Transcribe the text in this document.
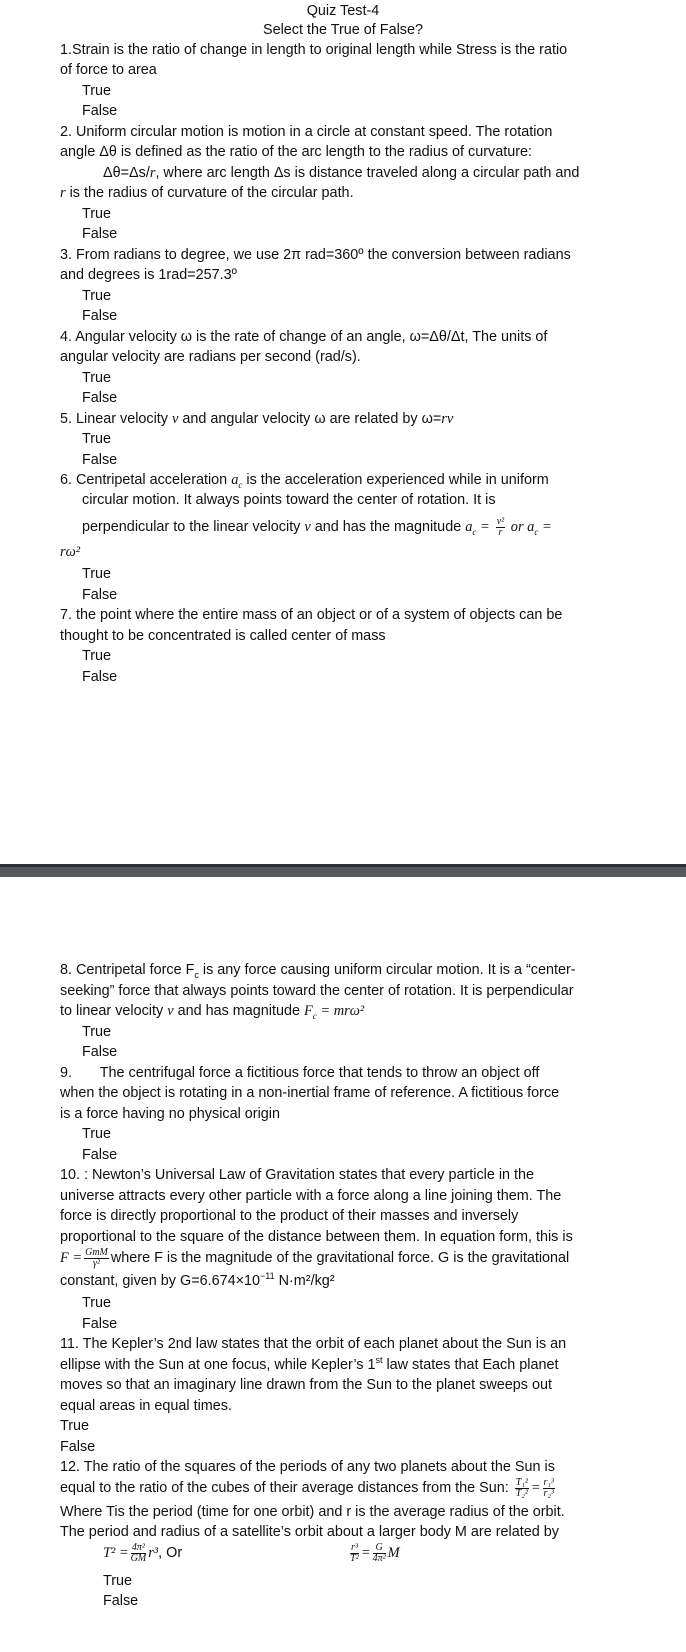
Quiz Test-4
Select the True of False?
1.Strain is the ratio of change in length to original length while Stress is the ratio
of force to area
True
False
2. Uniform circular motion is motion in a circle at constant speed. The rotation
angle Δθ is defined as the ratio of the arc length to the radius of curvature:
Δθ=Δs/r, where arc length Δs is distance traveled along a circular path and
r is the radius of curvature of the circular path.
True
False
3. From radians to degree, we use 2π rad=360º the conversion between radians
and degrees is 1rad=257.3º
True
False
4. Angular velocity ω is the rate of change of an angle, ω=Δθ/Δt, The units of
angular velocity are radians per second (rad/s).
True
False
5. Linear velocity v and angular velocity ω are related by ω=rv
True
False
6. Centripetal acceleration $a_c$ is the acceleration experienced while in uniform
circular motion. It always points toward the center of rotation. It is
perpendicular to the linear velocity v and has the magnitude $a_c = \frac{\text{v²}}{r}$ or $a_c$ =
rω²
True
False
7. the point where the entire mass of an object or of a system of objects can be
thought to be concentrated is called center of mass
True
False
8. Centripetal force $F_c$ is any force causing uniform circular motion. It is a “center-
seeking” force that always points toward the center of rotation. It is perpendicular
to linear velocity v and has magnitude $F_c = mr\omega^2$
True
False
9.       The centrifugal force a fictitious force that tends to throw an object off
when the object is rotating in a non-inertial frame of reference. A fictitious force
is a force having no physical origin
True
False
10. : Newton’s Universal Law of Gravitation states that every particle in the
universe attracts every other particle with a force along a line joining them. The
force is directly proportional to the product of their masses and inversely
proportional to the square of the distance between them. In equation form, this is
$F = \frac{\text{GmM}}{\text{γ²}}$ where F is the magnitude of the gravitational force. G is the gravitational
constant, given by $G=6.674\times 10^{-11}$ N·m²/kg²
True
False
11. The Kepler’s 2nd law states that the orbit of each planet about the Sun is an
ellipse with the Sun at one focus, while Kepler’s 1st law states that Each planet
moves so that an imaginary line drawn from the Sun to the planet sweeps out
equal areas in equal times.
True
False
12. The ratio of the squares of the periods of any two planets about the Sun is
equal to the ratio of the cubes of their average distances from the Sun: $\frac{\text{T₁²}}{\text{T₂²}} = \frac{\text{r₁³}}{\text{r₂³}}$
Where Tis the period (time for one orbit) and r is the average radius of the orbit.
The period and radius of a satellite’s orbit about a larger body M are related by
$T^2 = \frac{\text{4π²}}{GM} r^3$, Or	$\frac{\text{r³}}{\text{T²}} = \frac{G}{\text{4π²}}$ M
True
False
